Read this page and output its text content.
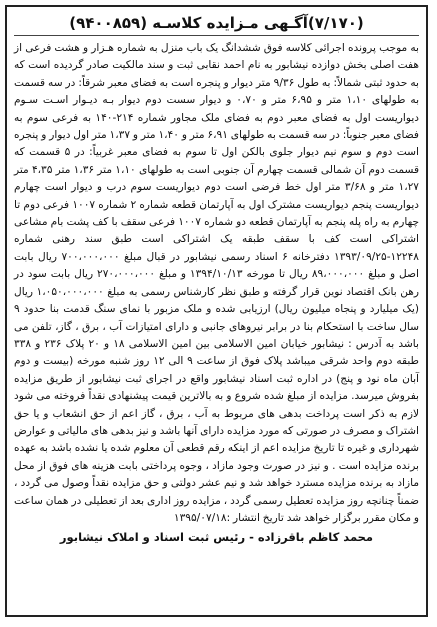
(۷/۱۷۰)آگـهی مـزایده کلاسـه (۹۴۰۰۸۵۹)

به موجب پرونده اجرائی کلاسه فوق ششدانگ یک باب منزل به شماره هـزار و هشت فرعی از هفت اصلی بخش دوازده نیشابور به نام احمد نقابی ثبت و سند مالکیت صادر گردیده است که به حدود ثبتی شمالاً: به طول ۹/۳۶ متر دیوار و پنجره است به فضای معبر شرقاً: در سه قسمت به طولهای ۱،۱۰ متر و ۶،۹۵ متر و ۰،۷۰ و دیوار سست دوم دیوار بـه دیـوار اسـت سـوم دیواریست اول به فضای معبر دوم به فضای ملک مجاور شماره ۲۱۴-۱۴۰ به فرعی سوم به فضای معبر جنوباً: در سه قسمت به طولهای ۶،۹۱ متر و ۱،۴۰ متر و ۱،۳۷ متر اول دیوار و پنجره است دوم و سوم نیم دیوار جلوی بالکن اول تا سوم به فضای معبر غربیاً: در ۵ قسمت که قسمت دوم آن شمالی قسمت چهارم آن جنوبی است به طولهای ۱،۱۰ متر ۱،۳۶ متر ۴،۳۵ متر ۱،۲۷ متر و ۳/۶۸ متر اول خط فرضی است دوم دیواریست سوم درب و دیوار است چهارم دیواریست پنجم دیواریست مشترک اول به آپارتمان قطعه شماره ۲ شماره ۱۰۰۷ فرعی دوم تا چهارم به راه پله پنجم به آپارتمان قطعه دو شماره ۱۰۰۷ فرعی سقف با کف پشت بام مشاعی اشتراکی است کف با سقف طبقه یک اشتراکی است طبق سند رهنی شماره ۱۲۲۴۸-۱۳۹۳/۰۹/۲۵ دفترخانه ۶ اسناد رسمی نیشابور در قبال مبلغ ۷۰۰،۰۰۰،۰۰۰ ریال بابت اصل و مبلغ ۸۹،۰۰۰،۰۰۰ ریال تا مورخه ۱۳۹۴/۱۰/۱۳ و مبلغ ۲۷۰،۰۰۰،۰۰۰ ریال بابت سود در رهن بانک اقتصاد نوین قرار گرفته و طبق نظر کارشناس رسمی به مبلغ ۱،۰۵۰،۰۰۰،۰۰۰ ریال (یک میلیارد و پنجاه میلیون ریال) ارزیابی شده و ملک مزبور با نمای سنگ قدمت بنا حدود ۹ سال ساخت با استحکام بنا در برابر نیروهای جانبی و دارای امتیازات آب ، برق ، گاز، تلفن می باشد به آدرس : نیشابور خیابان امین الاسلامی بین امین الاسلامی ۱۸ و ۲۰ پلاک ۲۳۶ و ۳۳۸ طبقه دوم واحد شرقی میباشد پلاک فوق از ساعت ۹ الی ۱۲ روز شنبه مورخه (بیست و دوم آبان ماه نود و پنج) در اداره ثبت اسناد نیشابور واقع در اجرای ثبت نیشابور از طریق مزایده بفروش میرسد. مزایده از مبلغ شده شروع و به بالاترین قیمت پیشنهادی نقداً فروخته می شود لازم به ذکر است پرداخت بدهی های مربوط به آب ، برق ، گاز اعم از حق انشعاب و یا حق اشتراک و مصرف در صورتی که مورد مزایده دارای آنها باشد و نیز بدهی های مالیاتی و عوارض شهرداری و غیره تا تاریخ مزایده اعم از اینکه رقم قطعی آن معلوم شده یا نشده باشد به عهده برنده مزایده است . و نیز در صورت وجود مازاد ، وجوه پرداختی بابت هزینه های فوق از محل مازاد به برنده مزایده مسترد خواهد شد و نیم عشر دولتی و حق مزایده نقداً وصول می گردد ، ضمناً چنانچه روز مزایده تعطیل رسمی گردد ، مزایده روز اداری بعد از تعطیلی در همان ساعت و مکان مقرر برگزار خواهد شد تاریخ انتشار :۱۳۹۵/۰۷/۱۸

محمد کاظم باقرزاده - رئیس ثبت اسناد و املاک نیشابور
